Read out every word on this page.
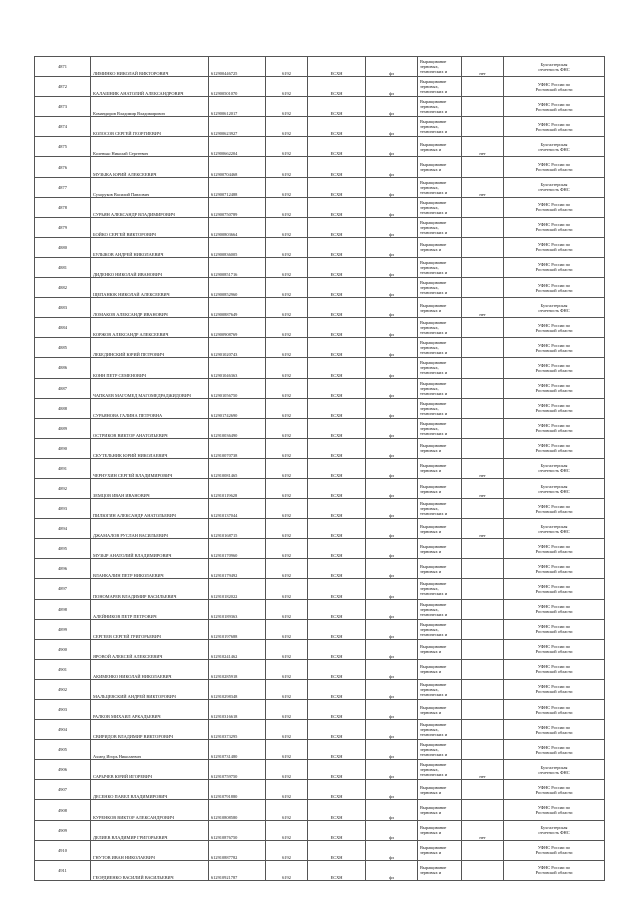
4871	ЛИМИНКО НИКОЛАЙ ВИКТОРОВИЧ	612900446725	6192	ЕСХН	фл	Выращивание
зерновых,
технических и	нет	Бухгалтерская
отчетность ФНС

4872	КАЛАШНИК АНАТОЛИЙ АЛЕКСАНДРОВИЧ	612900501070	6192	ЕСХН	фл	Выращивание
зерновых,
технических и		УФНС России по
Ростовской области

4873	Командиров Владимир Владимирович	612900612017	6192	ЕСХН	фл	Выращивание
зерновых,
технических и		УФНС России по
Ростовской области

4874	КОЛОСОВ СЕРГЕЙ ГЕОРГИЕВИЧ	612900623927	6192	ЕСХН	фл	Выращивание
зерновых,
технических и		УФНС России по
Ростовской области

4875	Коленько Николай Сергеевич	612900662204	6192	ЕСХН	фл	Выращивание
зерновых и	нет	Бухгалтерская
отчетность ФНС

4876	МУЗЫКА ЮРИЙ АЛЕКСЕЕВИЧ	612900704468	6192	ЕСХН	фл	Выращивание
зерновых и		УФНС России по
Ростовской области

4877	Сухоруков Василий Павлович	612900712488	6192	ЕСХН	фл	Выращивание
зерновых,
технических и	нет	Бухгалтерская
отчетность ФНС

4878	СУРЬЯН АЛЕКСАНДР ВЛАДИМИРОВИЧ	612900750789	6192	ЕСХН	фл	Выращивание
зерновых,
технических и		УФНС России по
Ростовской области

4879	БОЙКО СЕРГЕЙ ВИКТОРОВИЧ	612900803664	6192	ЕСХН	фл	Выращивание
зерновых,
технических и		УФНС России по
Ростовской области

4880	БУЛЫКОВ АНДРЕЙ НИКОЛАЕВИЧ	612900836005	6192	ЕСХН	фл	Выращивание
зерновых и		УФНС России по
Ростовской области

4881	ДИДЕНКО НИКОЛАЙ ИВАНОВИЧ	612900851716	6192	ЕСХН	фл	Выращивание
зерновых,
технических и		УФНС России по
Ростовской области

4882	ЩЕПАНЮК НИКОЛАЙ АЛЕКСЕЕВИЧ	612900852960	6192	ЕСХН	фл	Выращивание
зерновых,
технических и		УФНС России по
Ростовской области

4883	ЛОМАКОВ АЛЕКСАНДР ИВАНОВИЧ	612900887649	6192	ЕСХН	фл	Выращивание
зерновых и	нет	Бухгалтерская
отчетность ФНС

4884	КОРЖОВ АЛЕКСАНДР АЛЕКСЕЕВИЧ	612900908769	6192	ЕСХН	фл	Выращивание
зерновых,
технических и		УФНС России по
Ростовской области

4885	ЛЕБЕДИНСКИЙ ЮРИЙ ПЕТРОВИЧ	612901020743	6192	ЕСХН	фл	Выращивание
зерновых,
технических и		УФНС России по
Ростовской области

4886	КОНН ПЕТР СЕМЕНОВИЧ	612901046363	6192	ЕСХН	фл	Выращивание
зерновых,
технических и		УФНС России по
Ростовской области

4887	ЧАПКАЕВ МАГОМЕД МАГОМЕДРАДЖИДОВИЧ	612901056750	6192	ЕСХН	фл	Выращивание
зерновых,
технических и		УФНС России по
Ростовской области

4888	СУРЬЯНОВА ГАЛИНА ПЕТРОВНА	612901742690	6192	ЕСХН	фл	Выращивание
зерновых,
технических и		УФНС России по
Ростовской области

4889	ОСТРИКОВ ВИКТОР АНАТОЛЬЕВИЧ	612910036490	6192	ЕСХН	фл	Выращивание
зерновых,
технических и		УФНС России по
Ростовской области

4890	СКУТЕЛЬНИК ЮРИЙ НИКОЛАЕВИЧ	612910070738	6192	ЕСХН	фл	Выращивание
зерновых и		УФНС России по
Ростовской области

4891	ЧЕРНУХИН СЕРГЕЙ ВЛАДИМИРОВИЧ	612910081465	6192	ЕСХН	фл	Выращивание
зерновых и	нет	Бухгалтерская
отчетность ФНС

4892	ЗЕМЦОВ ИВАН ИВАНОВИЧ	612910119628	6192	ЕСХН	фл	Выращивание
зерновых и	нет	Бухгалтерская
отчетность ФНС

4893	ПИЛЮГИН АЛЕКСАНДР АНАТОЛЬЕВИЧ	612910137044	6192	ЕСХН	фл	Выращивание
зерновых,
технических и		УФНС России по
Ростовской области

4894	ДЖАМАЛОВ РУСЛАН ВАСИЛЬЕВИЧ	612910168715	6192	ЕСХН	фл	Выращивание
зерновых и	нет	Бухгалтерская
отчетность ФНС

4895	МУЗЫР АНАТОЛИЙ ВЛАДИМИРОВИЧ	612910170960	6192	ЕСХН	фл	Выращивание
зерновых и		УФНС России по
Ростовской области

4896	ВЛАНКАЛИН ПЕТР НИКОЛАЕВИЧ	612910179492	6192	ЕСХН	фл	Выращивание
зерновых и		УФНС России по
Ростовской области

4897	ПОНОМАРЕВ ВЛАДИМИР ВАСИЛЬЕВИЧ	612910182022	6192	ЕСХН	фл	Выращивание
зерновых,
технических и		УФНС России по
Ростовской области

4898	АЛЕЙНИКОВ ПЕТР ПЕТРОВИЧ	612910189363	6192	ЕСХН	фл	Выращивание
зерновых,
технических и		УФНС России по
Ростовской области

4899	СЕРГЕЕВ СЕРГЕЙ ГРИГОРЬЕВИЧ	612910197688	6192	ЕСХН	фл	Выращивание
зерновых,
технических и		УФНС России по
Ростовской области

4900	ЯРОВОЙ АЛЕКСЕЙ АЛЕКСЕЕВИЧ	612910241462	6192	ЕСХН	фл	Выращивание
зерновых и		УФНС России по
Ростовской области

4901	АКИМЕНКО НИКОЛАЙ НИКОЛАЕВИЧ	612910285918	6192	ЕСХН	фл	Выращивание
зерновых и		УФНС России по
Ростовской области

4902	МАЛЬЦЕВСКИЙ АНДРЕЙ ВИКТОРОВИЧ	612910298348	6192	ЕСХН	фл	Выращивание
зерновых,
технических и		УФНС России по
Ростовской области

4903	РАЛКОВ МИХАИЛ АРКАДЬЕВИЧ	612910316618	6192	ЕСХН	фл	Выращивание
зерновых и		УФНС России по
Ростовской области

4904	СВИРИДОВ ВЛАДИМИР ВИКТОРОВИЧ	612910373295	6192	ЕСХН	фл	Выращивание
зерновых,
технических и		УФНС России по
Ростовской области

4905	Ахмед Игорь Николаевич	612910731480	6192	ЕСХН	фл	Выращивание
зерновых,
технических и		УФНС России по
Ростовской области

4906	САРЫЧЕВ ЮРИЙ ИГОРЕВИЧ	612910759750	6192	ЕСХН	фл	Выращивание
зерновых,
технических и	нет	Бухгалтерская
отчетность ФНС

4907	ДЕСЕНКО ПАВЕЛ ВЛАДИМИРОВИЧ	612910791880	6192	ЕСХН	фл	Выращивание
зерновых и		УФНС России по
Ростовской области

4908	КУРЕНКОВ ВИКТОР АЛЕКСАНДРОВИЧ	612910808580	6192	ЕСХН	фл	Выращивание
зерновых и		УФНС России по
Ростовской области

4909	ДЕЛИЕВ ВЛАДИМИР ГРИГОРЬЕВИЧ	612910876750	6192	ЕСХН	фл	Выращивание
зерновых и	нет	Бухгалтерская
отчетность ФНС

4910	ГНУТОВ ИВАН НИКОЛАЕВИЧ	612910887782	6192	ЕСХН	фл	Выращивание
зерновых и		УФНС России по
Ростовской области

4911	ГЕОРДИЕНКО ВАСИЛИЙ ВАСИЛЬЕВИЧ	612910921787	6192	ЕСХН	фл	Выращивание
зерновых и		УФНС России по
Ростовской области
